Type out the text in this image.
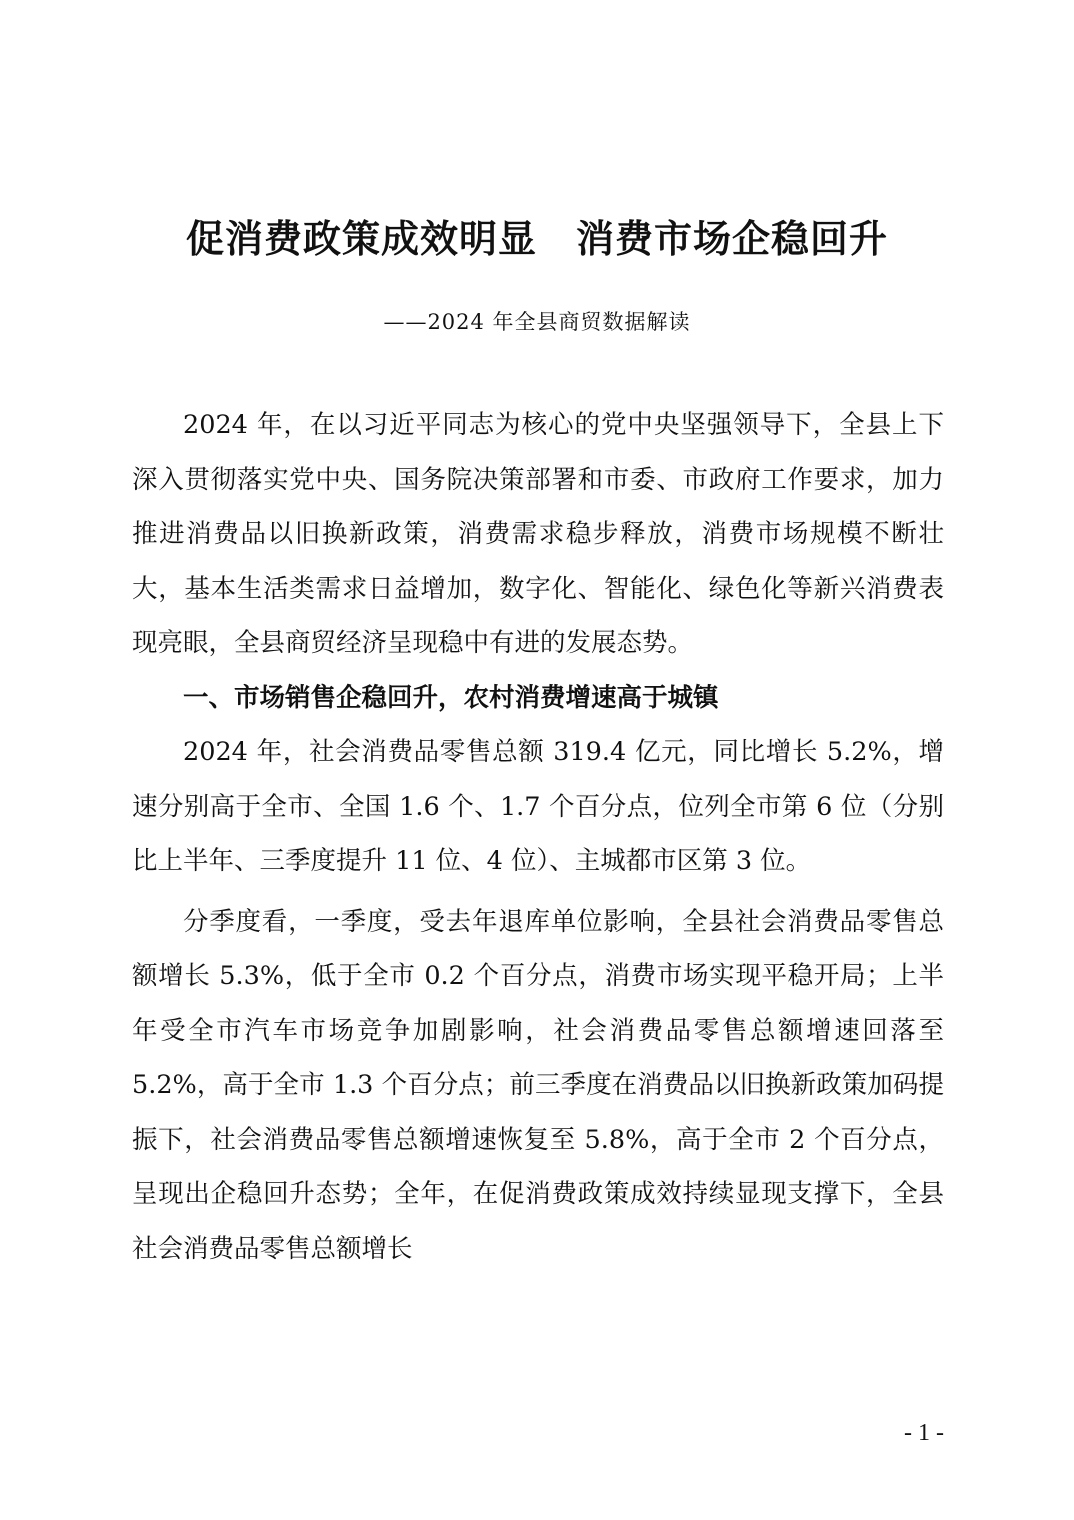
促消费政策成效明显　消费市场企稳回升
——2024 年全县商贸数据解读

2024 年，在以习近平同志为核心的党中央坚强领导下，全县上下深入贯彻落实党中央、国务院决策部署和市委、市政府工作要求，加力推进消费品以旧换新政策，消费需求稳步释放，消费市场规模不断壮大，基本生活类需求日益增加，数字化、智能化、绿色化等新兴消费表现亮眼，全县商贸经济呈现稳中有进的发展态势。

一、市场销售企稳回升，农村消费增速高于城镇

2024 年，社会消费品零售总额 319.4 亿元，同比增长 5.2%，增速分别高于全市、全国 1.6 个、1.7 个百分点，位列全市第 6 位（分别比上半年、三季度提升 11 位、4 位）、主城都市区第 3 位。

分季度看，一季度，受去年退库单位影响，全县社会消费品零售总额增长 5.3%，低于全市 0.2 个百分点，消费市场实现平稳开局；上半年受全市汽车市场竞争加剧影响，社会消费品零售总额增速回落至 5.2%，高于全市 1.3 个百分点；前三季度在消费品以旧换新政策加码提振下，社会消费品零售总额增速恢复至 5.8%，高于全市 2 个百分点，呈现出企稳回升态势；全年，在促消费政策成效持续显现支撑下，全县社会消费品零售总额增长

- 1 -
